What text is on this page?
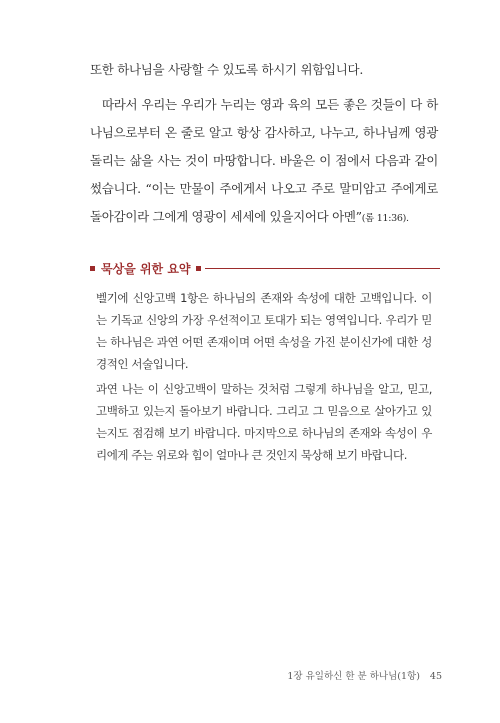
또한 하나님을 사랑할 수 있도록 하시기 위함입니다.
따라서 우리는 우리가 누리는 영과 육의 모든 좋은 것들이 다 하나님으로부터 온 줄로 알고 항상 감사하고, 나누고, 하나님께 영광 돌리는 삶을 사는 것이 마땅합니다. 바울은 이 점에서 다음과 같이 썼습니다. “이는 만물이 주에게서 나오고 주로 말미암고 주에게로 돌아감이라 그에게 영광이 세세에 있을지어다 아멘”(롬 11:36).
묵상을 위한 요약
벨기에 신앙고백 1항은 하나님의 존재와 속성에 대한 고백입니다. 이는 기독교 신앙의 가장 우선적이고 토대가 되는 영역입니다. 우리가 믿는 하나님은 과연 어떤 존재이며 어떤 속성을 가진 분이신가에 대한 성경적인 서술입니다.
과연 나는 이 신앙고백이 말하는 것처럼 그렇게 하나님을 알고, 믿고, 고백하고 있는지 돌아보기 바랍니다. 그리고 그 믿음으로 살아가고 있는지도 점검해 보기 바랍니다. 마지막으로 하나님의 존재와 속성이 우리에게 주는 위로와 힘이 얼마나 큰 것인지 묵상해 보기 바랍니다.
1장 유일하신 한 분 하나님(1항) 45
